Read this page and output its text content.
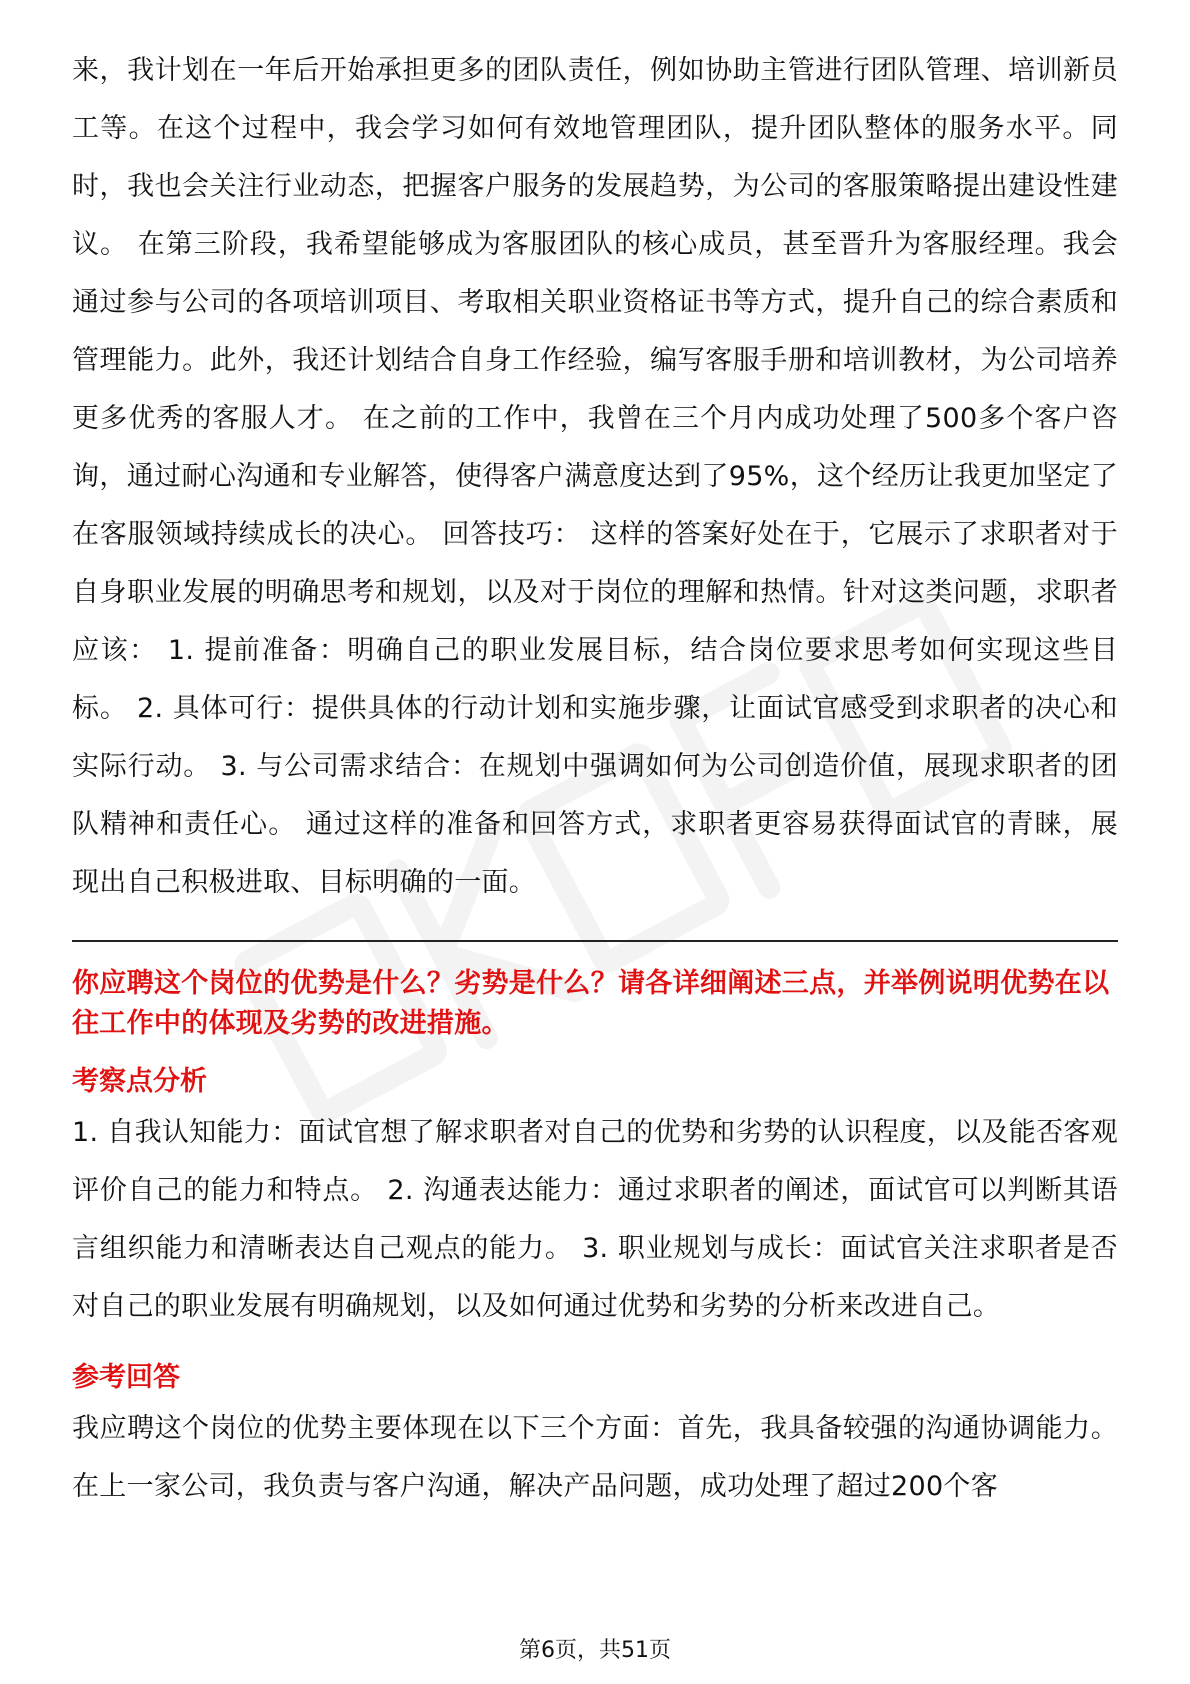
来，我计划在一年后开始承担更多的团队责任，例如协助主管进行团队管理、培训新员工等。在这个过程中，我会学习如何有效地管理团队，提升团队整体的服务水平。同时，我也会关注行业动态，把握客户服务的发展趋势，为公司的客服策略提出建设性建议。 在第三阶段，我希望能够成为客服团队的核心成员，甚至晋升为客服经理。我会通过参与公司的各项培训项目、考取相关职业资格证书等方式，提升自己的综合素质和管理能力。此外，我还计划结合自身工作经验，编写客服手册和培训教材，为公司培养更多优秀的客服人才。 在之前的工作中，我曾在三个月内成功处理了500多个客户咨询，通过耐心沟通和专业解答，使得客户满意度达到了95%，这个经历让我更加坚定了在客服领域持续成长的决心。 回答技巧： 这样的答案好处在于，它展示了求职者对于自身职业发展的明确思考和规划，以及对于岗位的理解和热情。针对这类问题，求职者应该： 1. 提前准备：明确自己的职业发展目标，结合岗位要求思考如何实现这些目标。 2. 具体可行：提供具体的行动计划和实施步骤，让面试官感受到求职者的决心和实际行动。 3. 与公司需求结合：在规划中强调如何为公司创造价值，展现求职者的团队精神和责任心。 通过这样的准备和回答方式，求职者更容易获得面试官的青睐，展现出自己积极进取、目标明确的一面。

你应聘这个岗位的优势是什么？劣势是什么？请各详细阐述三点，并举例说明优势在以往工作中的体现及劣势的改进措施。

考察点分析

1. 自我认知能力：面试官想了解求职者对自己的优势和劣势的认识程度，以及能否客观评价自己的能力和特点。 2. 沟通表达能力：通过求职者的阐述，面试官可以判断其语言组织能力和清晰表达自己观点的能力。 3. 职业规划与成长：面试官关注求职者是否对自己的职业发展有明确规划，以及如何通过优势和劣势的分析来改进自己。

参考回答

我应聘这个岗位的优势主要体现在以下三个方面：首先，我具备较强的沟通协调能力。在上一家公司，我负责与客户沟通，解决产品问题，成功处理了超过200个客

第6页，共51页
